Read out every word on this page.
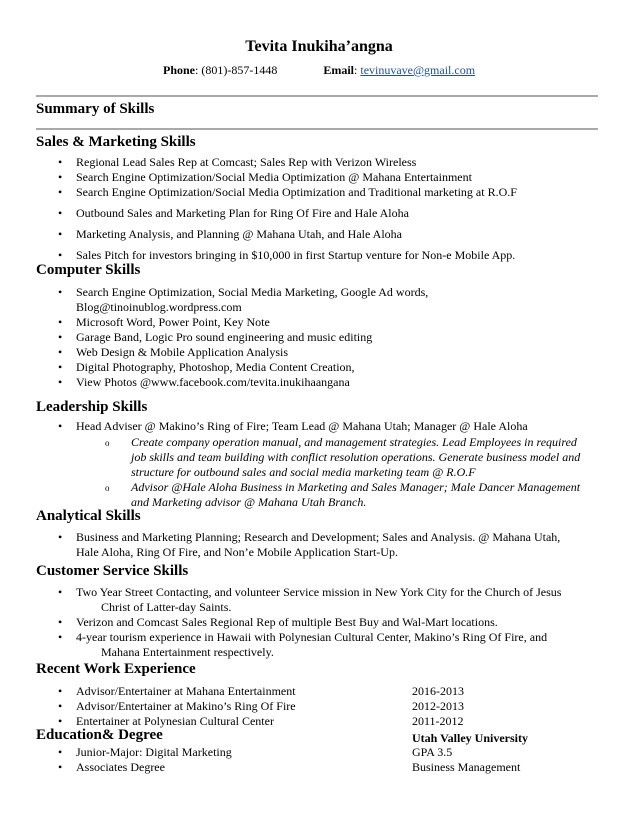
Tevita Inukiha’angna
Phone: (801)-857-1448	Email: tevinuvave@gmail.com
Summary of Skills
Sales & Marketing Skills
• Regional Lead Sales Rep at Comcast; Sales Rep with Verizon Wireless
• Search Engine Optimization/Social Media Optimization @ Mahana Entertainment
• Search Engine Optimization/Social Media Optimization and Traditional marketing at R.O.F
• Outbound Sales and Marketing Plan for Ring Of Fire and Hale Aloha
• Marketing Analysis, and Planning @ Mahana Utah, and Hale Aloha
• Sales Pitch for investors bringing in $10,000 in first Startup venture for Non-e Mobile App.
Computer Skills
• Search Engine Optimization, Social Media Marketing, Google Ad words,
Blog@tinoinublog.wordpress.com
• Microsoft Word, Power Point, Key Note
• Garage Band, Logic Pro sound engineering and music editing
• Web Design & Mobile Application Analysis
• Digital Photography, Photoshop, Media Content Creation,
• View Photos @www.facebook.com/tevita.inukihaangana
Leadership Skills
• Head Adviser @ Makino’s Ring of Fire; Team Lead @ Mahana Utah; Manager @ Hale Aloha
o Create company operation manual, and management strategies. Lead Employees in required
job skills and team building with conflict resolution operations. Generate business model and
structure for outbound sales and social media marketing team @ R.O.F
o Advisor @Hale Aloha Business in Marketing and Sales Manager; Male Dancer Management
and Marketing advisor @ Mahana Utah Branch.
Analytical Skills
• Business and Marketing Planning; Research and Development; Sales and Analysis. @ Mahana Utah,
Hale Aloha, Ring Of Fire, and Non’e Mobile Application Start-Up.
Customer Service Skills
• Two Year Street Contacting, and volunteer Service mission in New York City for the Church of Jesus
Christ of Latter-day Saints.
• Verizon and Comcast Sales Regional Rep of multiple Best Buy and Wal-Mart locations.
• 4-year tourism experience in Hawaii with Polynesian Cultural Center, Makino’s Ring Of Fire, and
Mahana Entertainment respectively.
Recent Work Experience
• Advisor/Entertainer at Mahana Entertainment	2016-2013
• Advisor/Entertainer at Makino’s Ring Of Fire	2012-2013
• Entertainer at Polynesian Cultural Center	2011-2012
Education& Degree	Utah Valley University
• Junior-Major: Digital Marketing	GPA 3.5
• Associates Degree	Business Management
